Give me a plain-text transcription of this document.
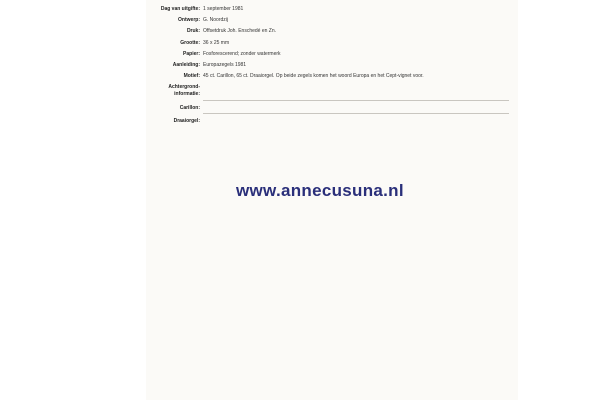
Dag van uitgifte: 1 september 1981
Ontwerp: G. Noordzij
Druk: Offsetdruk Joh. Enschedé en Zn.
Grootte: 36 x 25 mm
Papier: Fosforescerend; zonder watermerk
Aanleiding: Europazegels 1981
Motief: 45 ct. Carillon, 65 ct. Draaiorgel. Op beide zegels komen het woord Europa en het Cept-vignet voor.
Achtergrond-informatie:
Carillon:
Draaiorgel:
www.annecusuna.nl
